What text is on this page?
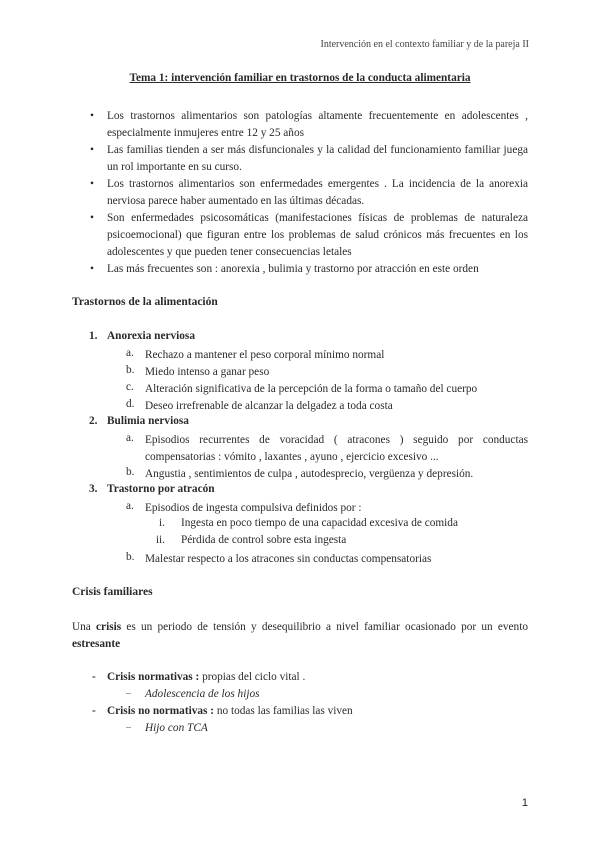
Intervención en el contexto familiar y de la pareja II
Tema 1: intervención familiar en trastornos de la conducta alimentaria
• Los trastornos alimentarios son patologías altamente frecuentemente en adolescentes , especialmente inmujeres entre 12 y 25 años
• Las familias tienden a ser más disfuncionales y la calidad del funcionamiento familiar juega un rol importante en su curso.
• Los trastornos alimentarios son enfermedades emergentes . La incidencia de la anorexia nerviosa parece haber aumentado en las últimas décadas.
• Son enfermedades psicosomáticas (manifestaciones físicas de problemas de naturaleza psicoemocional) que figuran entre los problemas de salud crónicos más frecuentes en los adolescentes y que pueden tener consecuencias letales
• Las más frecuentes son : anorexia , bulimia y trastorno por atracción en este orden
Trastornos de la alimentación
1. Anorexia nerviosa
a. Rechazo a mantener el peso corporal mínimo normal
b. Miedo intenso a ganar peso
c. Alteración significativa de la percepción de la forma o tamaño del cuerpo
d. Deseo irrefrenable de alcanzar la delgadez a toda costa
2. Bulimia nerviosa
a. Episodios recurrentes de voracidad ( atracones ) seguido por conductas compensatorias : vómito , laxantes , ayuno , ejercicio excesivo ...
b. Angustia , sentimientos de culpa , autodesprecio, vergüenza y depresión.
3. Trastorno por atracón
a. Episodios de ingesta compulsiva definidos por :
i. Ingesta en poco tiempo de una capacidad excesiva de comida
ii. Pérdida de control sobre esta ingesta
b. Malestar respecto a los atracones sin conductas compensatorias
Crisis familiares
Una crisis es un periodo de tensión y desequilibrio a nivel familiar ocasionado por un evento estresante
- Crisis normativas : propias del ciclo vital .
– Adolescencia de los hijos
- Crisis no normativas : no todas las familias las viven
– Hijo con TCA
1
